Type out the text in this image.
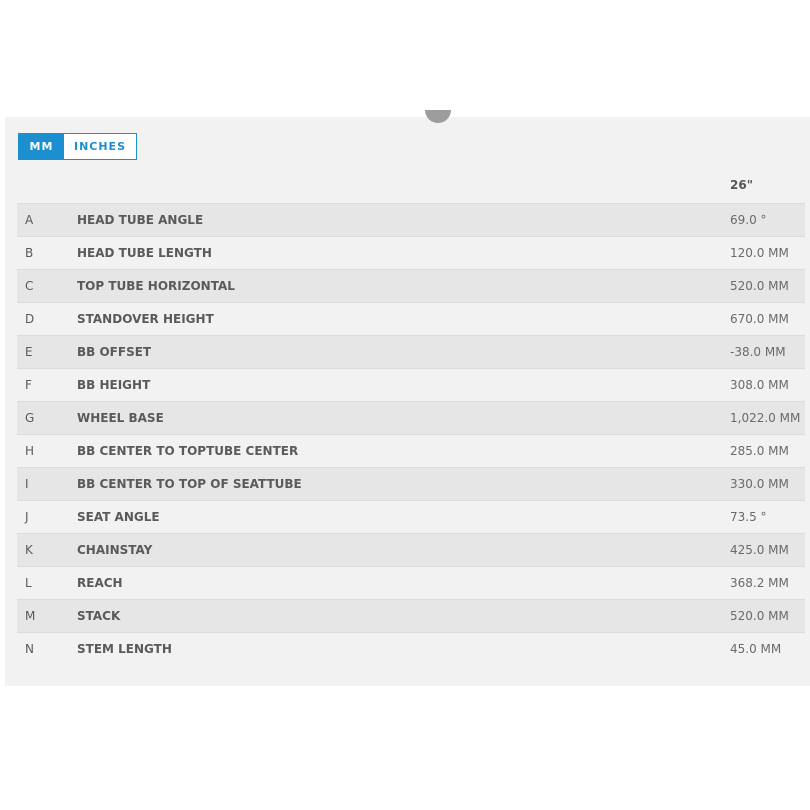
MM	INCHES
26"
A	HEAD TUBE ANGLE	69.0 °
B	HEAD TUBE LENGTH	120.0 MM
C	TOP TUBE HORIZONTAL	520.0 MM
D	STANDOVER HEIGHT	670.0 MM
E	BB OFFSET	-38.0 MM
F	BB HEIGHT	308.0 MM
G	WHEEL BASE	1,022.0 MM
H	BB CENTER TO TOPTUBE CENTER	285.0 MM
I	BB CENTER TO TOP OF SEATTUBE	330.0 MM
J	SEAT ANGLE	73.5 °
K	CHAINSTAY	425.0 MM
L	REACH	368.2 MM
M	STACK	520.0 MM
N	STEM LENGTH	45.0 MM
